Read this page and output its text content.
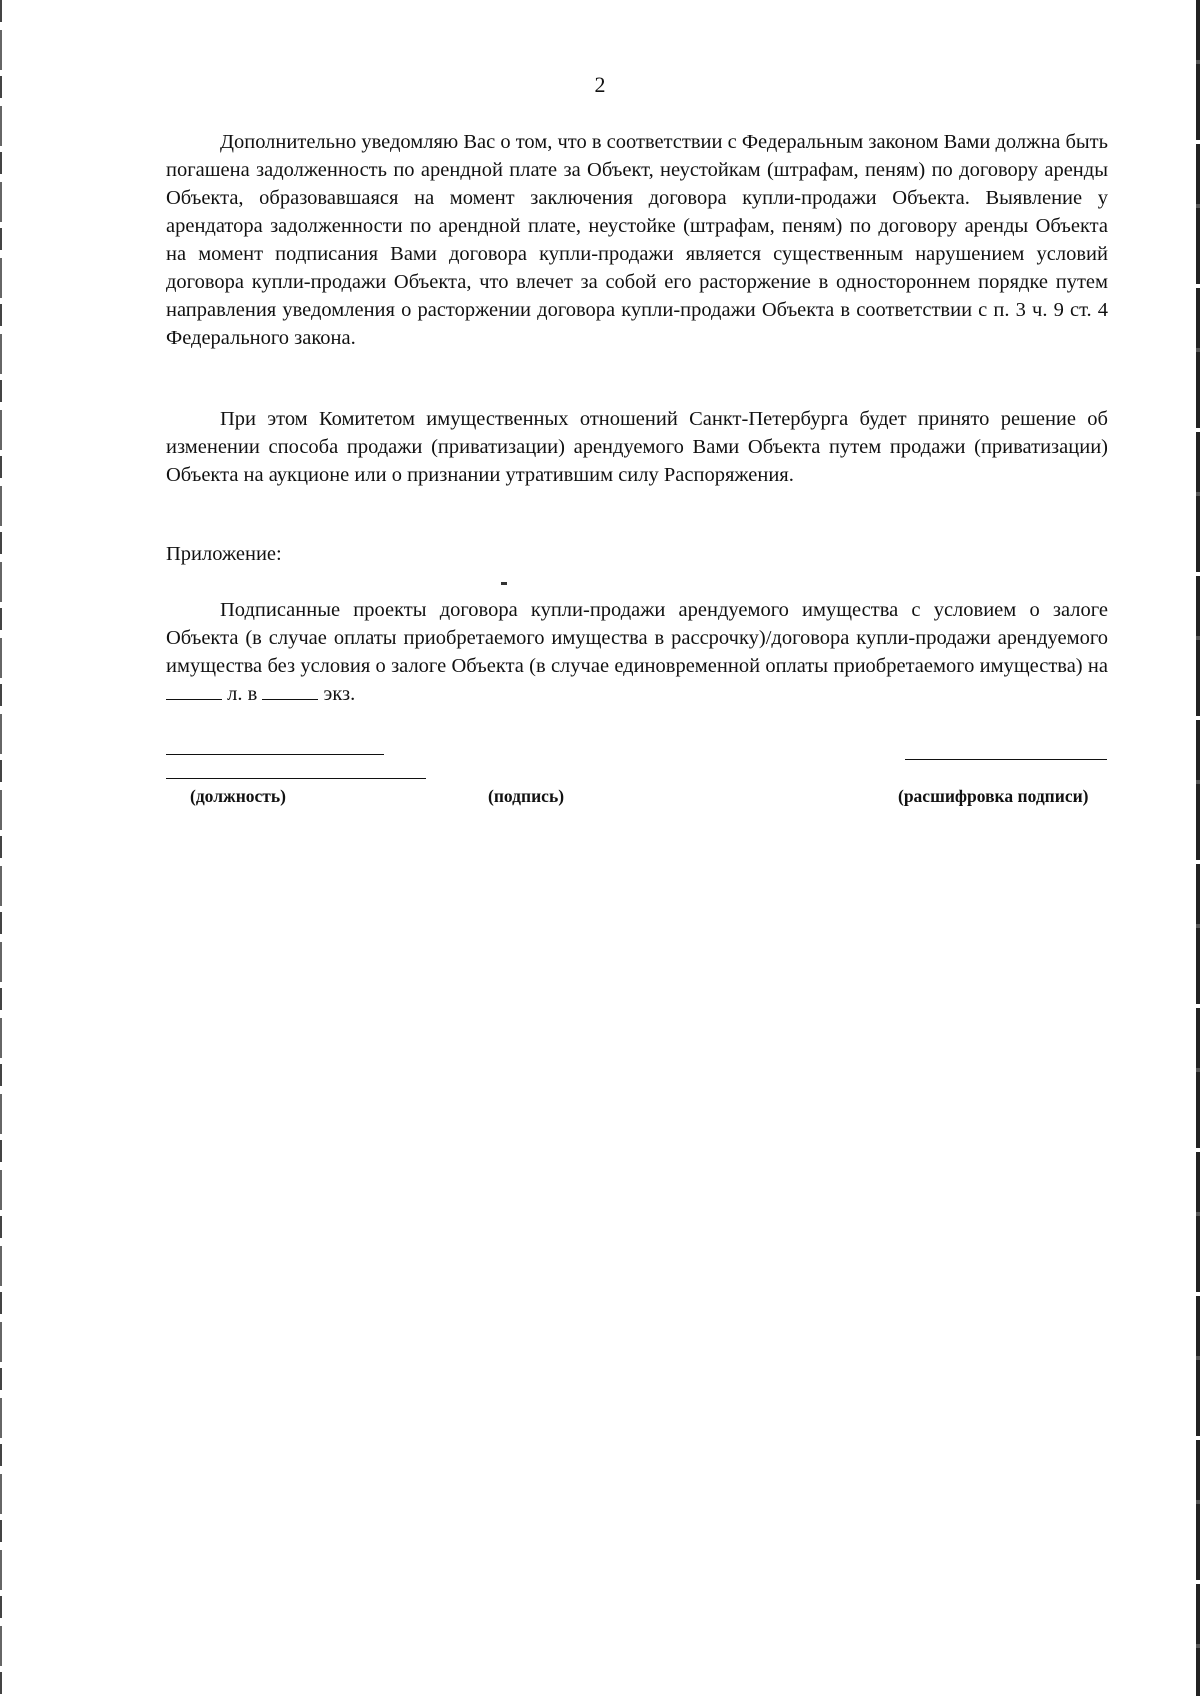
2

Дополнительно уведомляю Вас о том, что в соответствии с Федеральным законом Вами должна быть погашена задолженность по арендной плате за Объект, неустойкам (штрафам, пеням) по договору аренды Объекта, образовавшаяся на момент заключения договора купли-продажи Объекта. Выявление у арендатора задолженности по арендной плате, неустойке (штрафам, пеням) по договору аренды Объекта на момент подписания Вами договора купли-продажи является существенным нарушением условий договора купли-продажи Объекта, что влечет за собой его расторжение в одностороннем порядке путем направления уведомления о расторжении договора купли-продажи Объекта в соответствии с п. 3 ч. 9 ст. 4 Федерального закона.

При этом Комитетом имущественных отношений Санкт-Петербурга будет принято решение об изменении способа продажи (приватизации) арендуемого Вами Объекта путем продажи (приватизации) Объекта на аукционе или о признании утратившим силу Распоряжения.

Приложение:

Подписанные проекты договора купли-продажи арендуемого имущества с условием о залоге Объекта (в случае оплаты приобретаемого имущества в рассрочку)/договора купли-продажи арендуемого имущества без условия о залоге Объекта (в случае единовременной оплаты приобретаемого имущества) на  л. в	экз.

(должность)	(подпись)	(расшифровка подписи)
